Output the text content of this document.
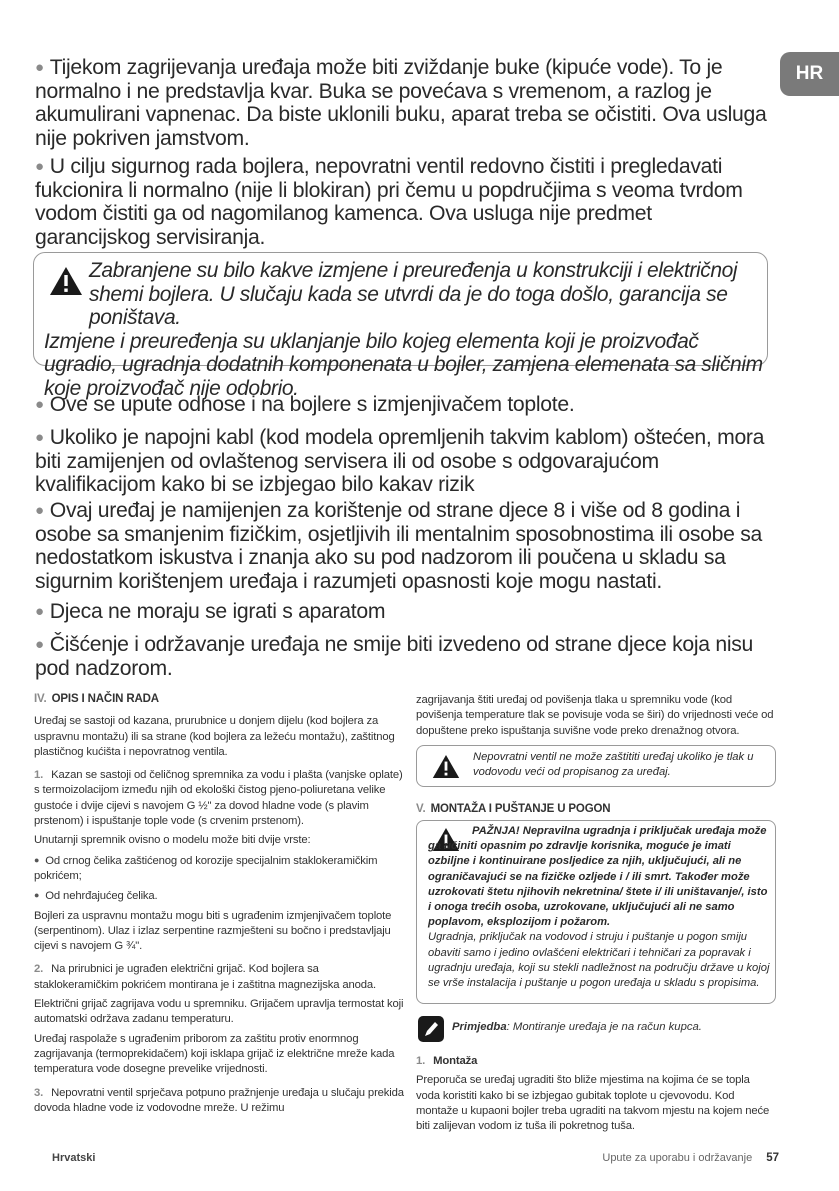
HR
● Tijekom zagrijevanja uređaja može biti zviždanje buke (kipuće vode). To je normalno i ne predstavlja kvar. Buka se povećava s vremenom, a razlog je akumulirani vapnenac. Da biste uklonili buku, aparat treba se očistiti. Ova usluga nije pokriven jamstvom.
● U cilju sigurnog rada bojlera, nepovratni ventil redovno čistiti i pregledavati fukcionira li normalno (nije li blokiran) pri čemu u popdručjima s veoma tvrdom vodom čistiti ga od nagomilanog kamenca. Ova usluga nije predmet garancijskog servisiranja.
Zabranjene su bilo kakve izmjene i preuređenja u konstrukciji i električnoj shemi bojlera. U slučaju kada se utvrdi da je do toga došlo, garancija se poništava.
Izmjene i preuređenja su uklanjanje bilo kojeg elementa koji je proizvođač ugradio, ugradnja dodatnih komponenata u bojler, zamjena elemenata sa sličnim koje proizvođač nije odobrio.
● Ove se upute odnose i na bojlere s izmjenjivačem toplote.
● Ukoliko je napojni kabl (kod modela opremljenih takvim kablom) oštećen, mora biti zamijenjen od ovlaštenog servisera ili od osobe s odgovarajućom kvalifikacijom kako bi se izbjegao bilo kakav rizik
● Ovaj uređaj je namijenjen za korištenje od strane djece 8 i više od 8 godina i osobe sa smanjenim fizičkim, osjetljivih ili mentalnim sposobnostima ili osobe sa nedostatkom iskustva i znanja ako su pod nadzorom ili poučena u skladu sa sigurnim korištenjem uređaja i razumjeti opasnosti koje mogu nastati.
● Djeca ne moraju se igrati s aparatom
● Čišćenje i održavanje uređaja ne smije biti izvedeno od strane djece koja nisu pod nadzorom.
IV. OPIS I NAČIN RADA

Uređaj se sastoji od kazana, prurubnice u donjem dijelu (kod bojlera za uspravnu montažu) ili sa strane (kod bojlera za ležeću montažu), zaštitnog plastičnog kućišta i nepovratnog ventila.

1. Kazan se sastoji od čeličnog spremnika za vodu i plašta (vanjske oplate) s termoizolacijom između njih od ekološki čistog pjeno-poliuretana velike gustoće i dvije cijevi s navojem G ½" za dovod hladne vode (s plavim prstenom) i ispuštanje tople vode (s crvenim prstenom).

Unutarnji spremnik ovisno o modelu može biti dvije vrste:

● Od crnog čelika zaštićenog od korozije specijalnim staklokeramičkim pokrićem;

● Od nehrđajućeg čelika.

Bojleri za uspravnu montažu mogu biti s ugrađenim izmjenjivačem toplote (serpentinom). Ulaz i izlaz serpentine razmješteni su bočno i predstavljaju cijevi s navojem G ¾".

2. Na prirubnici je ugrađen električni grijač. Kod bojlera sa staklokeramičkim pokrićem montirana je i zaštitna magnezijska anoda.

Električni grijač zagrijava vodu u spremniku. Grijačem upravlja termostat koji automatski održava zadanu temperaturu.

Uređaj raspolaže s ugrađenim priborom za zaštitu protiv enormnog zagrijavanja (termoprekidačem) koji isklapa grijač iz električne mreže kada temperatura vode dosegne prevelike vrijednosti.

3. Nepovratni ventil sprječava potpuno pražnjenje uređaja u slučaju prekida dovoda hladne vode iz vodovodne mreže. U režimu

zagrijavanja štiti uređaj od povišenja tlaka u spremniku vode (kod povišenja temperature tlak se povisuje voda se širi) do vrijednosti veće od dopuštene preko ispuštanja suvišne vode preko drenažnog otvora.

Nepovratni ventil ne može zaštititi uređaj ukoliko je tlak u vodovodu veći od propisanog za uređaj.
V. MONTAŽA I PUŠTANJE U POGON
PAŽNJA! Nepravilna ugradnja i priključak uređaja može ga učiniti opasnim po zdravlje korisnika, moguće je imati ozbiljne i kontinuirane posljedice za njih, uključujući, ali ne ograničavajući se na fizičke ozljede i / ili smrt. Također može uzrokovati štetu njihovih nekretnina/ štete i/ ili uništavanje/, isto i onoga trećih osoba, uzrokovane, uključujući ali ne samo poplavom, eksplozijom i požarom.
Ugradnja, priključak na vodovod i struju i puštanje u pogon smiju obaviti samo i jedino ovlašćeni električari i tehničari za popravak i ugradnju uređaja, koji su stekli nadležnost na području države u kojoj se vrše instalacija i puštanje u pogon uređaja u skladu s propisima.
Primjedba: Montiranje uređaja je na račun kupca.

1. Montaža

Preporuča se uređaj ugraditi što bliže mjestima na kojima će se topla voda koristiti kako bi se izbjegao gubitak toplote u cjevovodu. Kod montaže u kupaoni bojler treba ugraditi na takvom mjestu na kojem neće biti zalijevan vodom iz tuša ili pokretnog tuša.

Hrvatski	Upute za uporabu i održavanje 57
